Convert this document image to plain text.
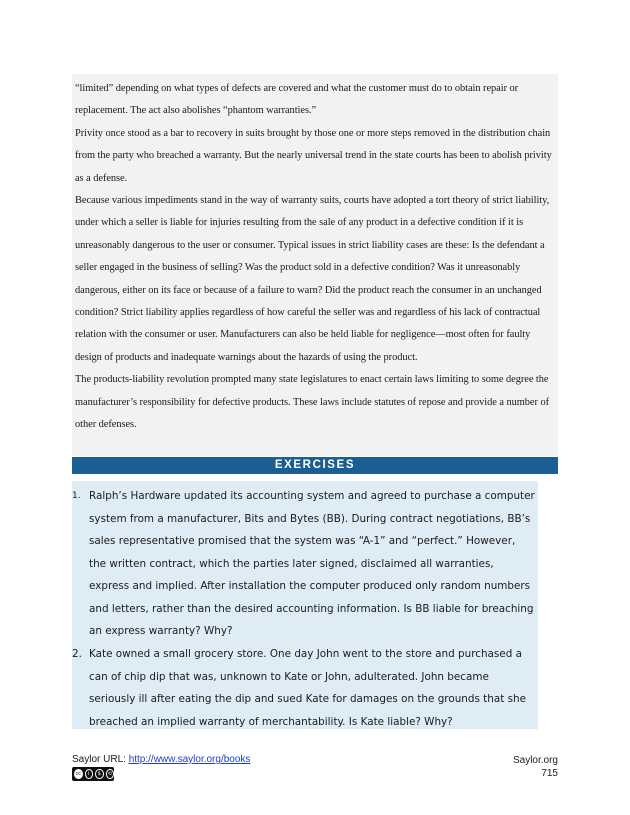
“limited” depending on what types of defects are covered and what the customer must do to obtain repair or replacement. The act also abolishes “phantom warranties.”

Privity once stood as a bar to recovery in suits brought by those one or more steps removed in the distribution chain from the party who breached a warranty. But the nearly universal trend in the state courts has been to abolish privity as a defense.

Because various impediments stand in the way of warranty suits, courts have adopted a tort theory of strict liability, under which a seller is liable for injuries resulting from the sale of any product in a defective condition if it is unreasonably dangerous to the user or consumer. Typical issues in strict liability cases are these: Is the defendant a seller engaged in the business of selling? Was the product sold in a defective condition? Was it unreasonably dangerous, either on its face or because of a failure to warn? Did the product reach the consumer in an unchanged condition? Strict liability applies regardless of how careful the seller was and regardless of his lack of contractual relation with the consumer or user. Manufacturers can also be held liable for negligence—most often for faulty design of products and inadequate warnings about the hazards of using the product.

The products-liability revolution prompted many state legislatures to enact certain laws limiting to some degree the manufacturer’s responsibility for defective products. These laws include statutes of repose and provide a number of other defenses.

EXERCISES
1. Ralph’s Hardware updated its accounting system and agreed to purchase a computer system from a manufacturer, Bits and Bytes (BB). During contract negotiations, BB’s sales representative promised that the system was “A-1” and “perfect.” However, the written contract, which the parties later signed, disclaimed all warranties, express and implied. After installation the computer produced only random numbers and letters, rather than the desired accounting information. Is BB liable for breaching an express warranty? Why?
2. Kate owned a small grocery store. One day John went to the store and purchased a can of chip dip that was, unknown to Kate or John, adulterated. John became seriously ill after eating the dip and sued Kate for damages on the grounds that she breached an implied warranty of merchantability. Is Kate liable? Why?
Saylor URL: http://www.saylor.org/books
cc	i	$	⟲
Saylor.org
715
